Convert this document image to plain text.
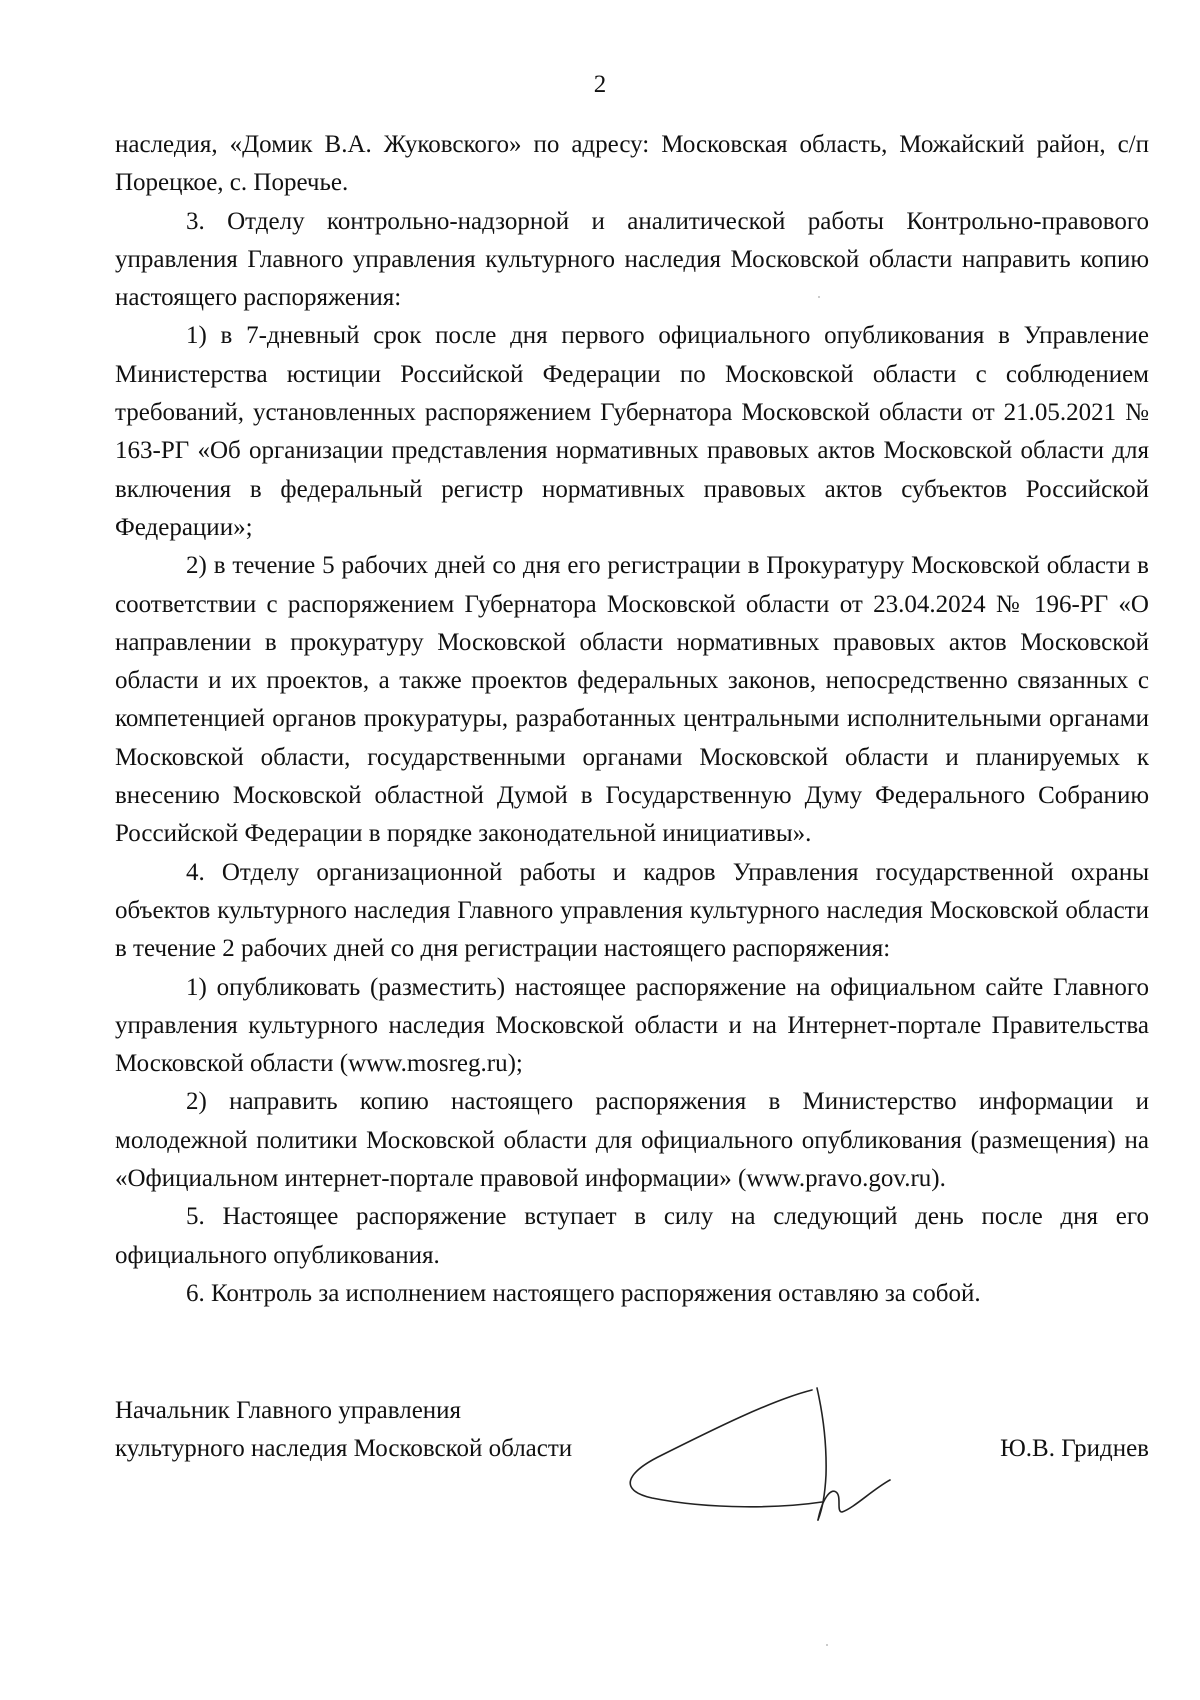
2

наследия, «Домик В.А. Жуковского» по адресу: Московская область, Можайский район, с/п Порецкое, с. Поречье.

3. Отделу контрольно-надзорной и аналитической работы Контрольно-правового управления Главного управления культурного наследия Московской области направить копию настоящего распоряжения:

1) в 7-дневный срок после дня первого официального опубликования в Управление Министерства юстиции Российской Федерации по Московской области с соблюдением требований, установленных распоряжением Губернатора Московской области от 21.05.2021 № 163-РГ «Об организации представления нормативных правовых актов Московской области для включения в федеральный регистр нормативных правовых актов субъектов Российской Федерации»;

2) в течение 5 рабочих дней со дня его регистрации в Прокуратуру Московской области в соответствии с распоряжением Губернатора Московской области от 23.04.2024 № 196-РГ «О направлении в прокуратуру Московской области нормативных правовых актов Московской области и их проектов, а также проектов федеральных законов, непосредственно связанных с компетенцией органов прокуратуры, разработанных центральными исполнительными органами Московской области, государственными органами Московской области и планируемых к внесению Московской областной Думой в Государственную Думу Федерального Собранию Российской Федерации в порядке законодательной инициативы».

4. Отделу организационной работы и кадров Управления государственной охраны объектов культурного наследия Главного управления культурного наследия Московской области в течение 2 рабочих дней со дня регистрации настоящего распоряжения:

1) опубликовать (разместить) настоящее распоряжение на официальном сайте Главного управления культурного наследия Московской области и на Интернет-портале Правительства Московской области (www.mosreg.ru);

2) направить копию настоящего распоряжения в Министерство информации и молодежной политики Московской области для официального опубликования (размещения) на «Официальном интернет-портале правовой информации» (www.pravo.gov.ru).

5. Настоящее распоряжение вступает в силу на следующий день после дня его официального опубликования.

6. Контроль за исполнением настоящего распоряжения оставляю за собой.

Начальник Главного управления
культурного наследия Московской области	Ю.В. Гриднев
